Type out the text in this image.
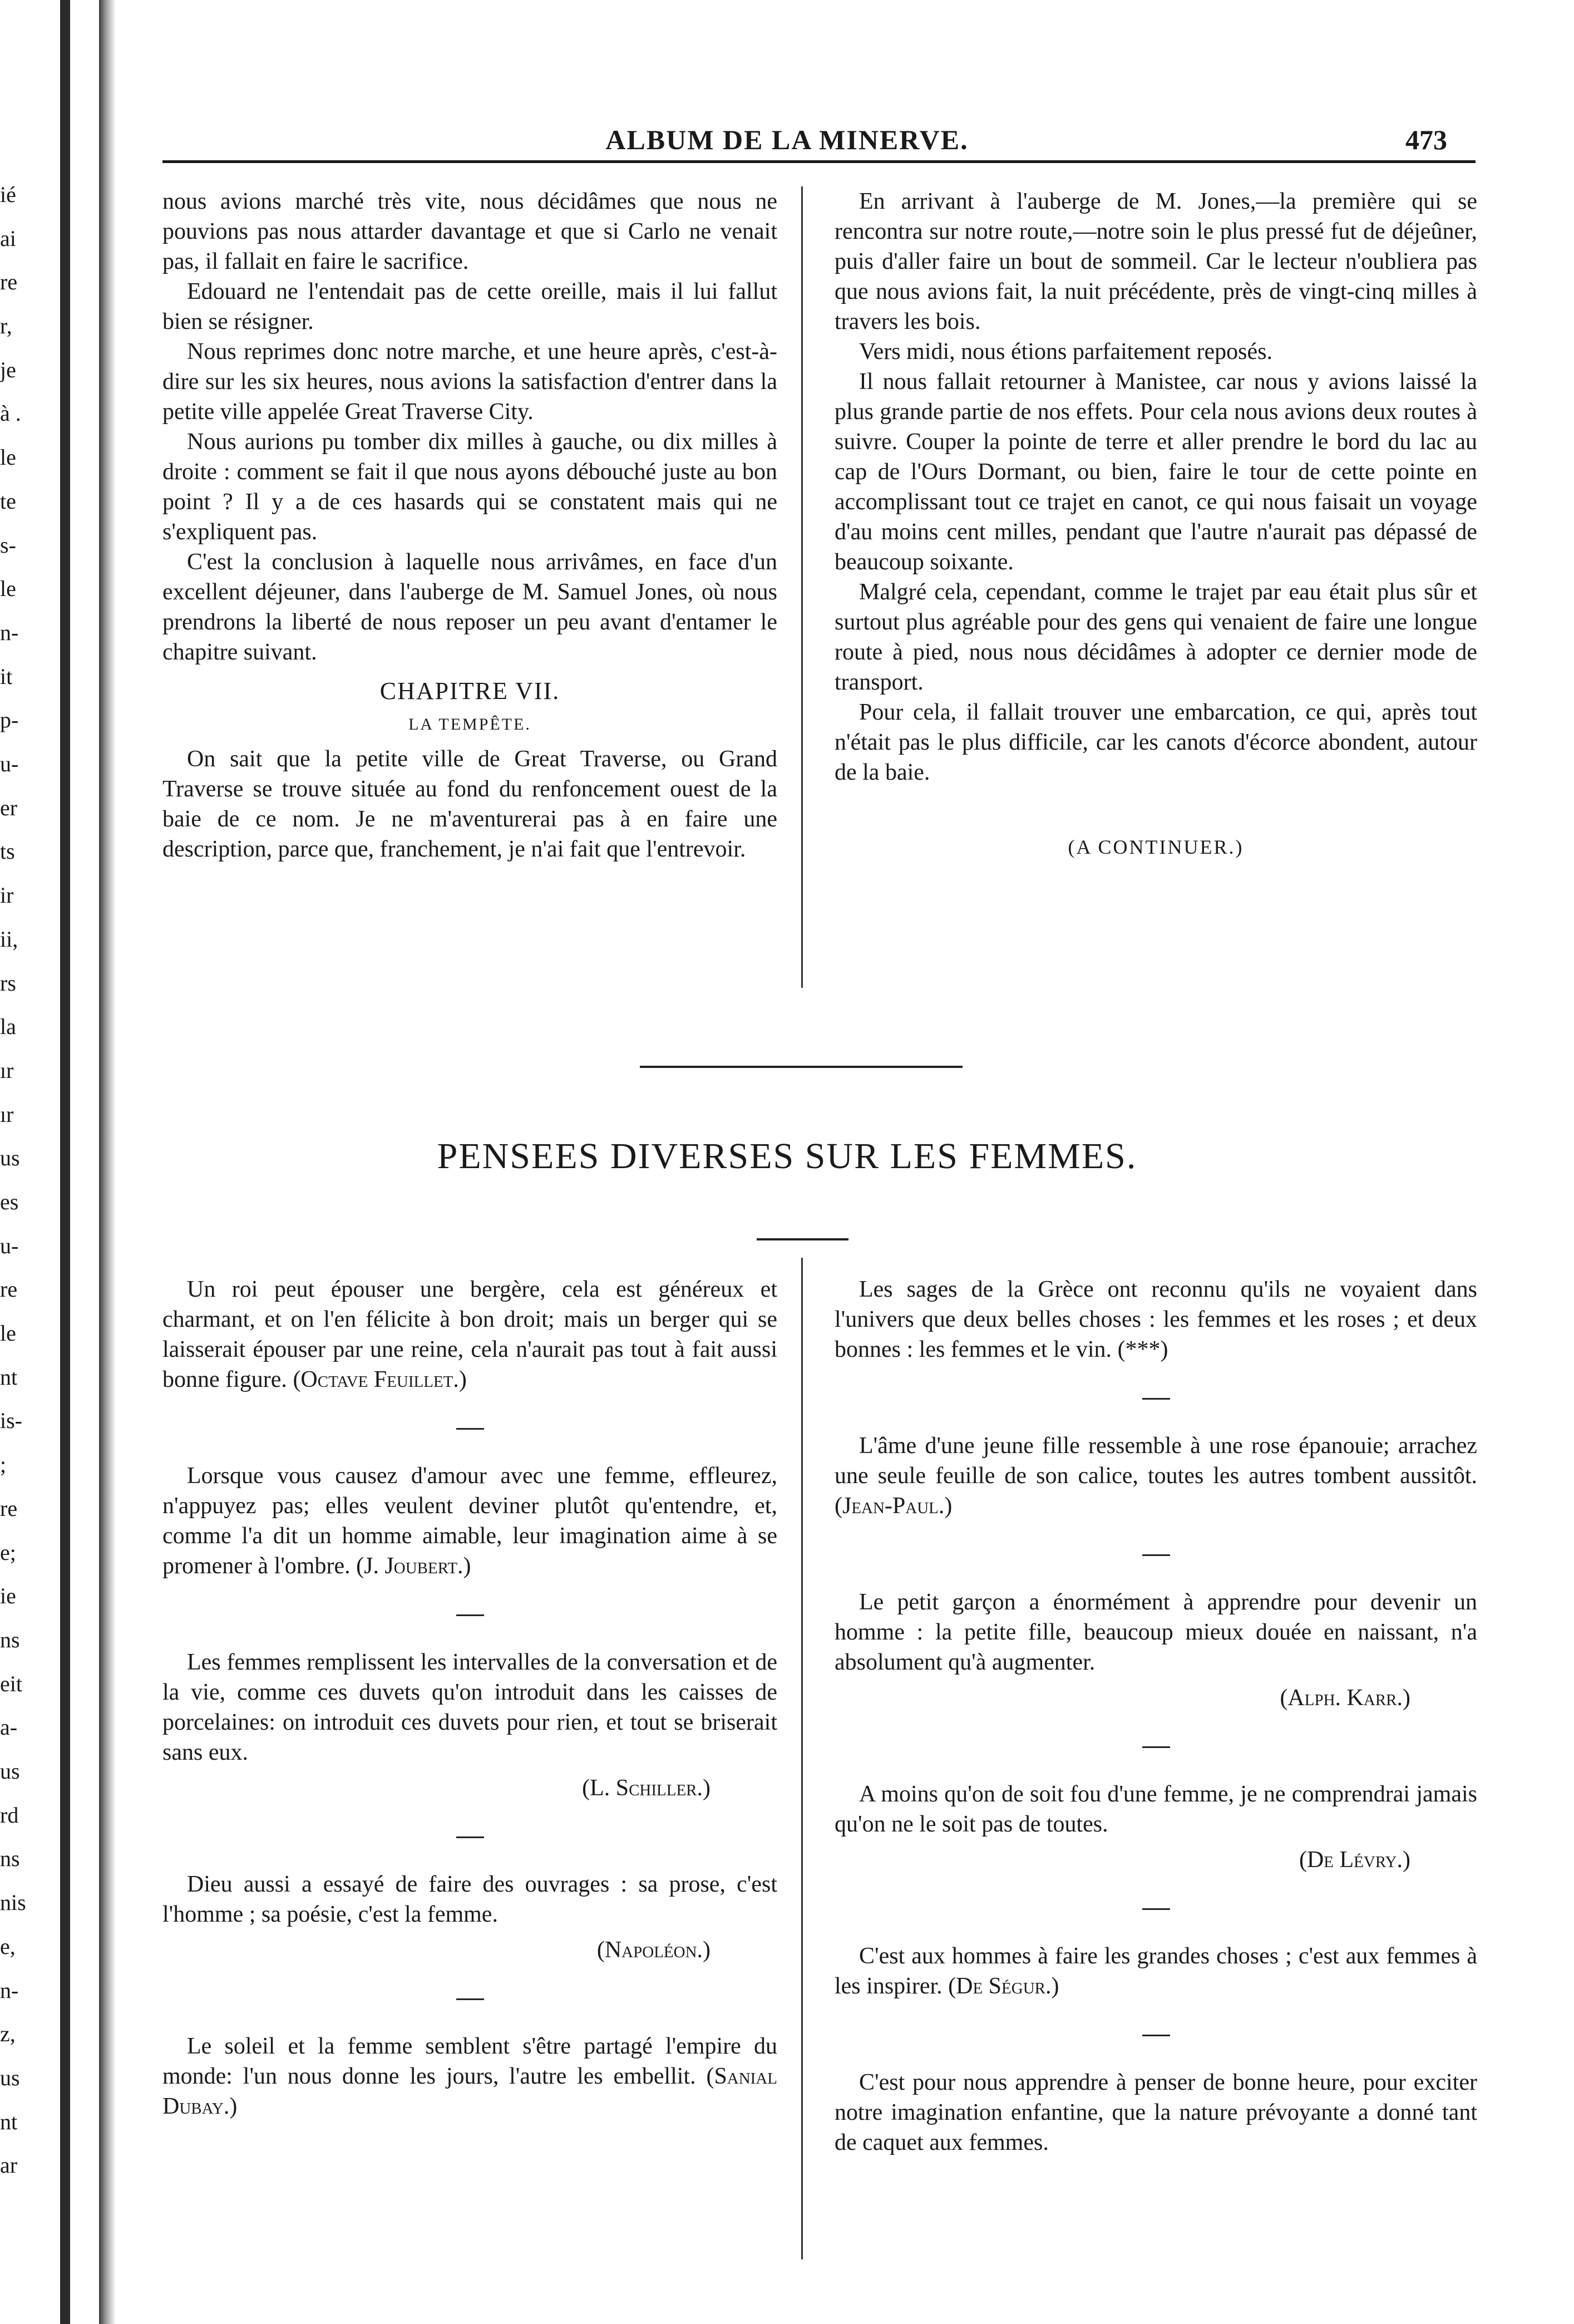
ié
ai
re
r,
je
à .
le
te
s-
le
n-
it
p-
u-
er
ts
ir
ii,
rs
la
ır
ır
us
es
u-
re
le
nt
is-
;
re
e;
ie
ns
eit
a-
us
rd
ns
nis
e,
n-
z,
us
nt
ar
ALBUM DE LA MINERVE.	473

nous avions marché très vite, nous décidâmes que nous ne pouvions pas nous attarder davantage et que si Carlo ne venait pas, il fallait en faire le sacrifice.

Edouard ne l'entendait pas de cette oreille, mais il lui fallut bien se résigner.

Nous reprimes donc notre marche, et une heure après, c'est-à-dire sur les six heures, nous avions la satisfaction d'entrer dans la petite ville appelée Great Traverse City.

Nous aurions pu tomber dix milles à gauche, ou dix milles à droite : comment se fait il que nous ayons débouché juste au bon point ? Il y a de ces hasards qui se constatent mais qui ne s'expliquent pas.

C'est la conclusion à laquelle nous arrivâmes, en face d'un excellent déjeuner, dans l'auberge de M. Samuel Jones, où nous prendrons la liberté de nous reposer un peu avant d'entamer le chapitre suivant.

CHAPITRE VII.
LA TEMPÊTE.

On sait que la petite ville de Great Traverse, ou Grand Traverse se trouve située au fond du renfoncement ouest de la baie de ce nom. Je ne m'aventurerai pas à en faire une description, parce que, franchement, je n'ai fait que l'entrevoir.

En arrivant à l'auberge de M. Jones,—la première qui se rencontra sur notre route,—notre soin le plus pressé fut de déjeûner, puis d'aller faire un bout de sommeil. Car le lecteur n'oubliera pas que nous avions fait, la nuit précédente, près de vingt-cinq milles à travers les bois.

Vers midi, nous étions parfaitement reposés.

Il nous fallait retourner à Manistee, car nous y avions laissé la plus grande partie de nos effets. Pour cela nous avions deux routes à suivre. Couper la pointe de terre et aller prendre le bord du lac au cap de l'Ours Dormant, ou bien, faire le tour de cette pointe en accomplissant tout ce trajet en canot, ce qui nous faisait un voyage d'au moins cent milles, pendant que l'autre n'aurait pas dépassé de beaucoup soixante.

Malgré cela, cependant, comme le trajet par eau était plus sûr et surtout plus agréable pour des gens qui venaient de faire une longue route à pied, nous nous décidâmes à adopter ce dernier mode de transport.

Pour cela, il fallait trouver une embarcation, ce qui, après tout n'était pas le plus difficile, car les canots d'écorce abondent, autour de la baie.

(A CONTINUER.)
PENSEES DIVERSES SUR LES FEMMES.

Un roi peut épouser une bergère, cela est généreux et charmant, et on l'en félicite à bon droit; mais un berger qui se laisserait épouser par une reine, cela n'aurait pas tout à fait aussi bonne figure. (Octave Feuillet.)

Lorsque vous causez d'amour avec une femme, effleurez, n'appuyez pas; elles veulent deviner plutôt qu'entendre, et, comme l'a dit un homme aimable, leur imagination aime à se promener à l'ombre. (J. Joubert.)

Les femmes remplissent les intervalles de la conversation et de la vie, comme ces duvets qu'on introduit dans les caisses de porcelaines: on introduit ces duvets pour rien, et tout se briserait sans eux.

(L. Schiller.)

Dieu aussi a essayé de faire des ouvrages : sa prose, c'est l'homme ; sa poésie, c'est la femme.

(Napoléon.)

Le soleil et la femme semblent s'être partagé l'empire du monde: l'un nous donne les jours, l'autre les embellit. (Sanial Dubay.)

Les sages de la Grèce ont reconnu qu'ils ne voyaient dans l'univers que deux belles choses : les femmes et les roses ; et deux bonnes : les femmes et le vin. (***)

L'âme d'une jeune fille ressemble à une rose épanouie; arrachez une seule feuille de son calice, toutes les autres tombent aussitôt. (Jean-Paul.)

Le petit garçon a énormément à apprendre pour devenir un homme : la petite fille, beaucoup mieux douée en naissant, n'a absolument qu'à augmenter.

(Alph. Karr.)

A moins qu'on de soit fou d'une femme, je ne comprendrai jamais qu'on ne le soit pas de toutes.

(De Lévry.)

C'est aux hommes à faire les grandes choses ; c'est aux femmes à les inspirer. (De Ségur.)

C'est pour nous apprendre à penser de bonne heure, pour exciter notre imagination enfantine, que la nature prévoyante a donné tant de caquet aux femmes.
